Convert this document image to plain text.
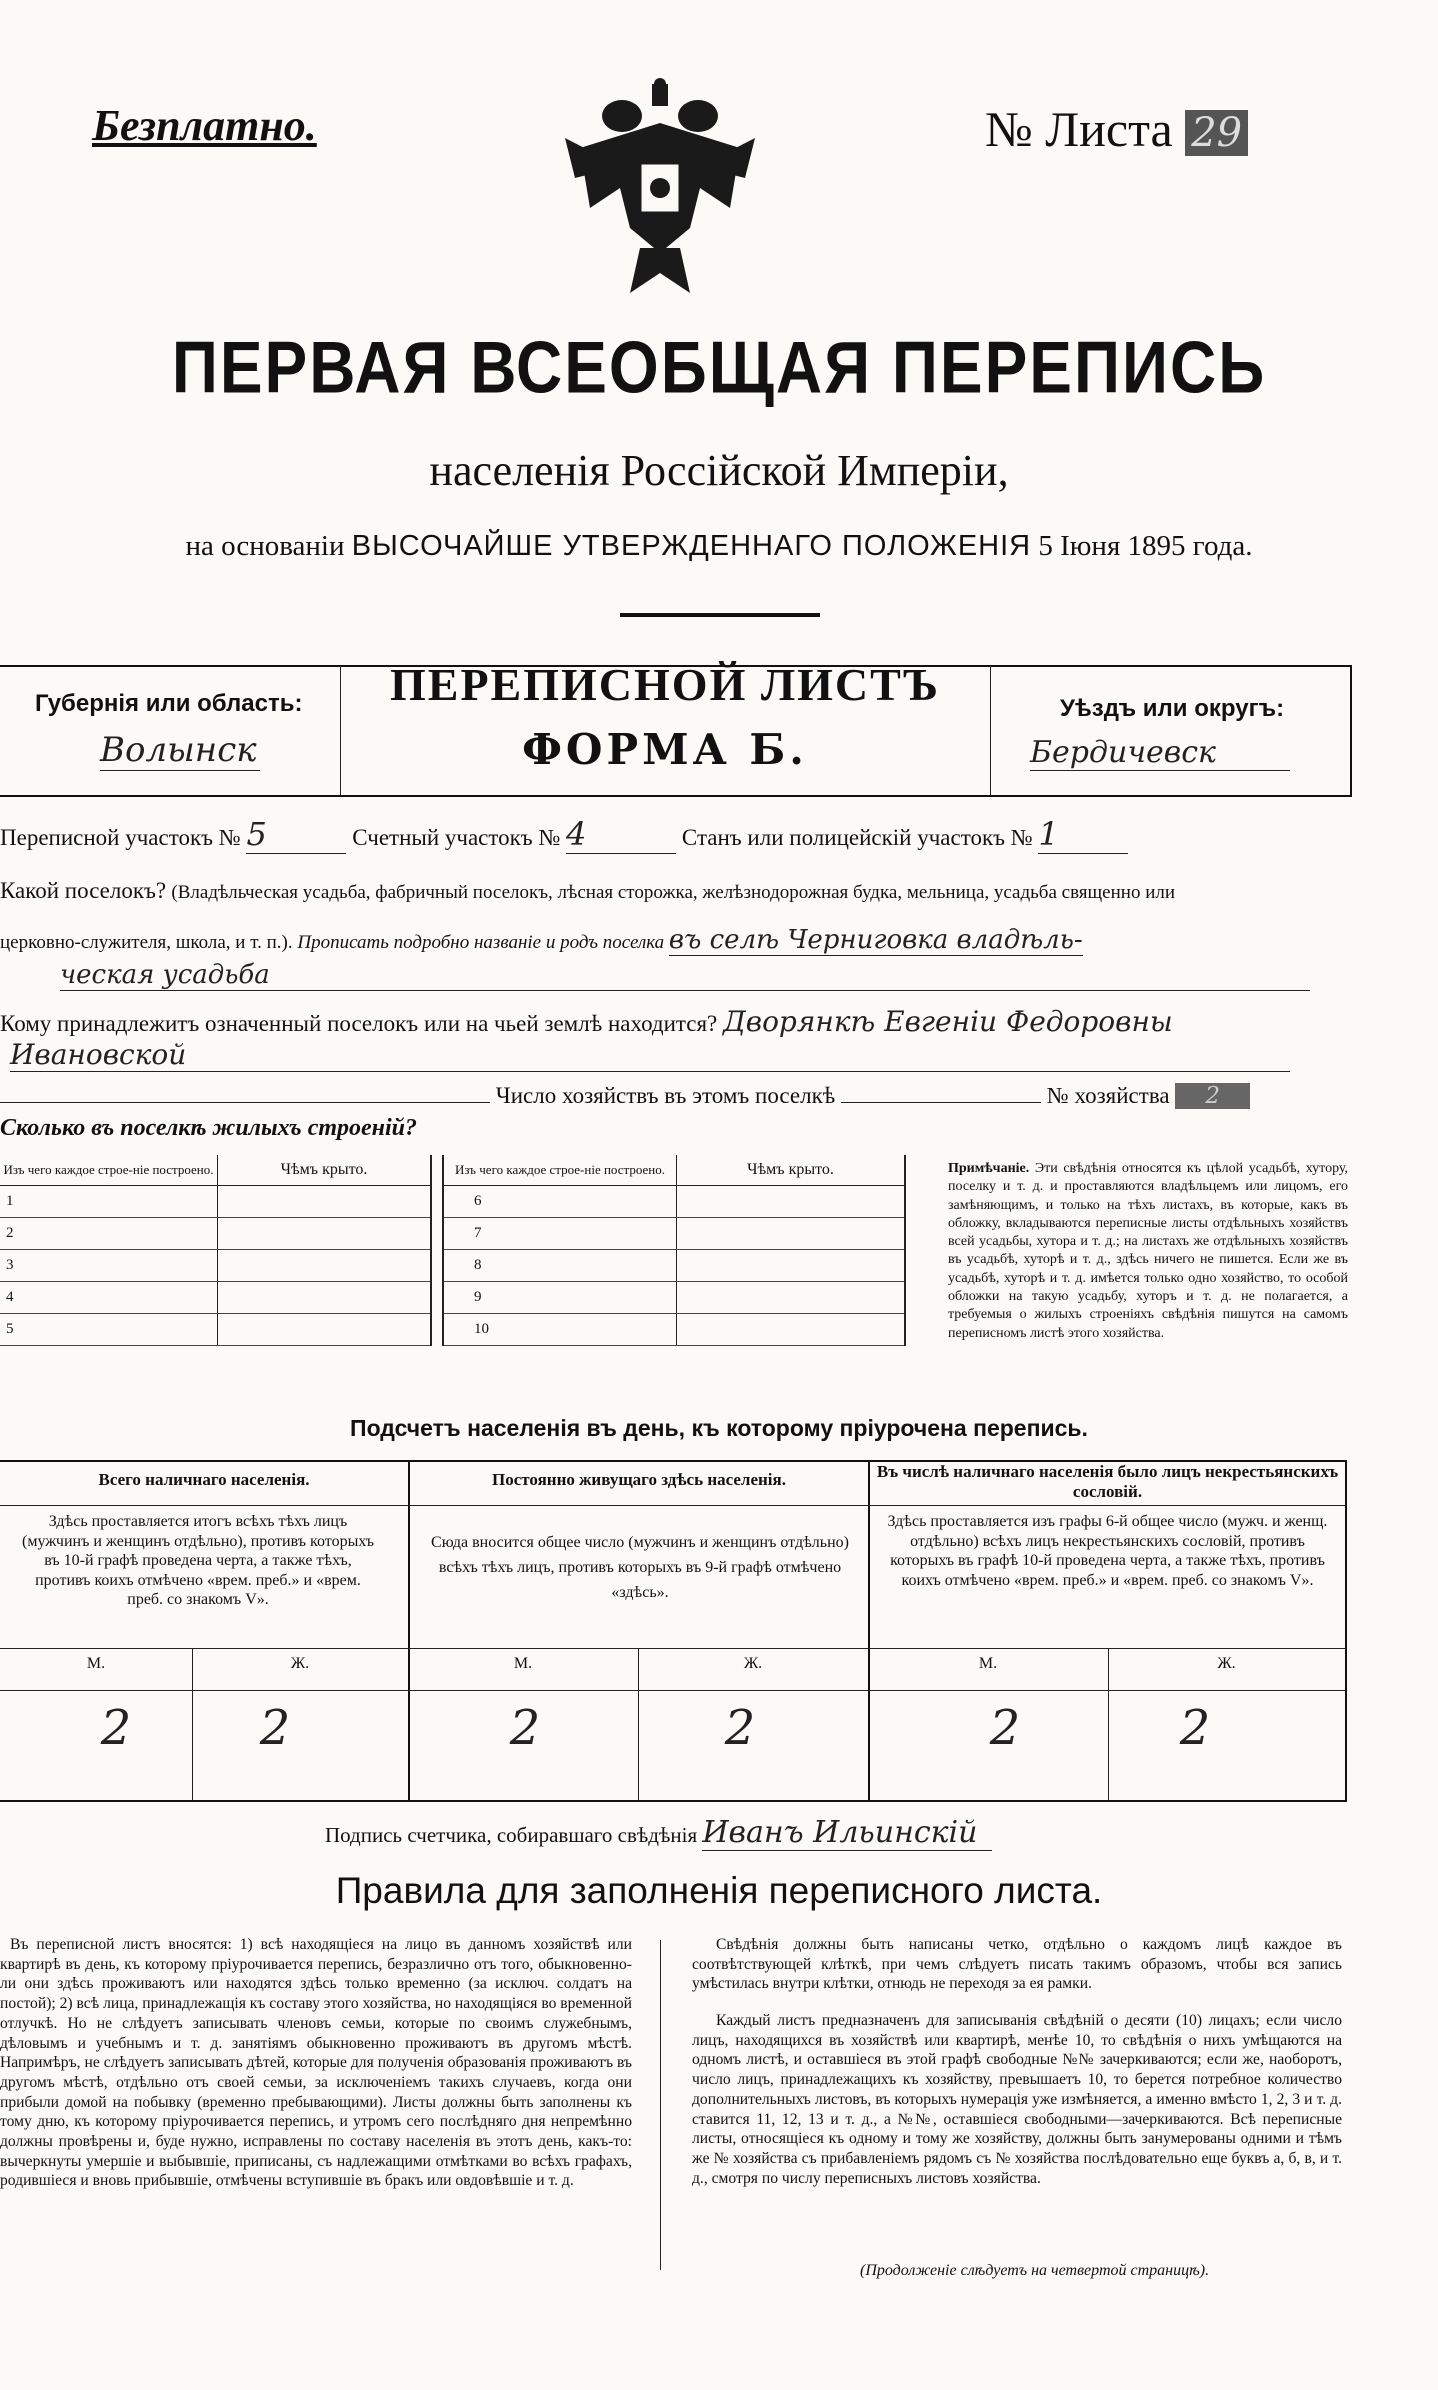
Безплатно.	№ Листа 29
ПЕРВАЯ ВСЕОБЩАЯ ПЕРЕПИСЬ
населенія Россійской Имперіи,
на основаніи ВЫСОЧАЙШЕ УТВЕРЖДЕННАГО ПОЛОЖЕНІЯ 5 Іюня 1895 года.
Губернія или область:
Волынск
ПЕРЕПИСНОЙ ЛИСТЪ
ФОРМА Б.
Уѣздъ или округъ:
Бердичевск
Переписной участокъ № 5	Счетный участокъ № 4	Станъ или полицейскій участокъ № 1
Какой поселокъ? (Владѣльческая усадьба, фабричный поселокъ, лѣсная сторожка, желѣзнодорожная будка, мельница, усадьба священно или
церковно-служителя, школа, и т. п.). Прописать подробно названіе и родъ поселка въ селѣ Черниговка владѣль-
ческая усадьба
Кому принадлежитъ означенный поселокъ или на чьей землѣ находится? Дворянкѣ Евгеніи Федоровны
Ивановской
Число хозяйствъ въ этомъ поселкѣ	№ хозяйства 2
Сколько въ поселкѣ жилыхъ строеній?
Изъ чего каждое строе-ніе построено.	Чѣмъ крыто.
1	
2	
3	
4	
5	
Изъ чего каждое строе-ніе построено.	Чѣмъ крыто.
6	
7	
8	
9	
10	
Примѣчаніе. Эти свѣдѣнія относятся къ цѣлой усадьбѣ, хутору, поселку и т. д. и проставляются владѣльцемъ или лицомъ, его замѣняющимъ, и только на тѣхъ листахъ, въ которые, какъ въ обложку, вкладываются переписные листы отдѣльныхъ хозяйствъ всей усадьбы, хутора и т. д.; на листахъ же отдѣльныхъ хозяйствъ въ усадьбѣ, хуторѣ и т. д., здѣсь ничего не пишется. Если же въ усадьбѣ, хуторѣ и т. д. имѣется только одно хозяйство, то особой обложки на такую усадьбу, хуторъ и т. д. не полагается, а требуемыя о жилыхъ строеніяхъ свѣдѣнія пишутся на самомъ переписномъ листѣ этого хозяйства.
Подсчетъ населенія въ день, къ которому пріурочена перепись.
Всего наличнаго населенія.	Постоянно живущаго здѣсь населенія.	Въ числѣ наличнаго населенія было лицъ некрестьянскихъ сословій.
Здѣсь проставляется итогъ всѣхъ тѣхъ лицъ (мужчинъ и женщинъ отдѣльно), противъ которыхъ въ 10-й графѣ проведена черта, а также тѣхъ, противъ коихъ отмѣчено «врем. преб.» и «врем. преб. со знакомъ V».
Сюда вносится общее число (мужчинъ и женщинъ отдѣльно) всѣхъ тѣхъ лицъ, противъ которыхъ въ 9-й графѣ отмѣчено «здѣсь».
Здѣсь проставляется изъ графы 6-й общее число (мужч. и женщ. отдѣльно) всѣхъ лицъ некрестьянскихъ сословій, противъ которыхъ въ графѣ 10-й проведена черта, а также тѣхъ, противъ коихъ отмѣчено «врем. преб.» и «врем. преб. со знакомъ V».
М.	Ж.	М.	Ж.	М.	Ж.
2	2	2	2	2	2
Подпись счетчика, собиравшаго свѣдѣнія Иванъ Ильинскій
Правила для заполненія переписного листа.
Въ переписной листъ вносятся: 1) всѣ находящіеся на лицо въ данномъ хозяйствѣ или квартирѣ въ день, къ которому пріурочивается перепись, безразлично отъ того, обыкновенно-ли они здѣсь проживаютъ или находятся здѣсь только временно (за исключ. солдатъ на постой); 2) всѣ лица, принадлежащія къ составу этого хозяйства, но находящіяся во временной отлучкѣ. Но не слѣдуетъ записывать членовъ семьи, которые по своимъ служебнымъ, дѣловымъ и учебнымъ и т. д. занятіямъ обыкновенно проживаютъ въ другомъ мѣстѣ. Напримѣръ, не слѣдуетъ записывать дѣтей, которые для полученія образованія проживаютъ въ другомъ мѣстѣ, отдѣльно отъ своей семьи, за исключеніемъ такихъ случаевъ, когда они прибыли домой на побывку (временно пребывающими). Листы должны быть заполнены къ тому дню, къ которому пріурочивается перепись, и утромъ сего послѣдняго дня непремѣнно должны провѣрены и, буде нужно, исправлены по составу населенія въ этотъ день, какъ-то: вычеркнуты умершіе и выбывшіе, приписаны, съ надлежащими отмѣтками во всѣхъ графахъ, родившіеся и вновь прибывшіе, отмѣчены вступившіе въ бракъ или овдовѣвшіе и т. д.
Свѣдѣнія должны быть написаны четко, отдѣльно о каждомъ лицѣ каждое въ соотвѣтствующей клѣткѣ, при чемъ слѣдуетъ писать такимъ образомъ, чтобы вся запись умѣстилась внутри клѣтки, отнюдь не переходя за ея рамки.
Каждый листъ предназначенъ для записыванія свѣдѣній о десяти (10) лицахъ; если число лицъ, находящихся въ хозяйствѣ или квартирѣ, менѣе 10, то свѣдѣнія о нихъ умѣщаются на одномъ листѣ, и оставшіеся въ этой графѣ свободные №№ зачеркиваются; если же, наоборотъ, число лицъ, принадлежащихъ къ хозяйству, превышаетъ 10, то берется потребное количество дополнительныхъ листовъ, въ которыхъ нумерація уже измѣняется, а именно вмѣсто 1, 2, 3 и т. д. ставится 11, 12, 13 и т. д., а №№, оставшіеся свободными—зачеркиваются. Всѣ переписные листы, относящіеся къ одному и тому же хозяйству, должны быть занумерованы одними и тѣмъ же № хозяйства съ прибавленіемъ рядомъ съ № хозяйства послѣдовательно еще буквъ а, б, в, и т. д., смотря по числу переписныхъ листовъ хозяйства.
(Продолженіе слѣдуетъ на четвертой страницѣ).
